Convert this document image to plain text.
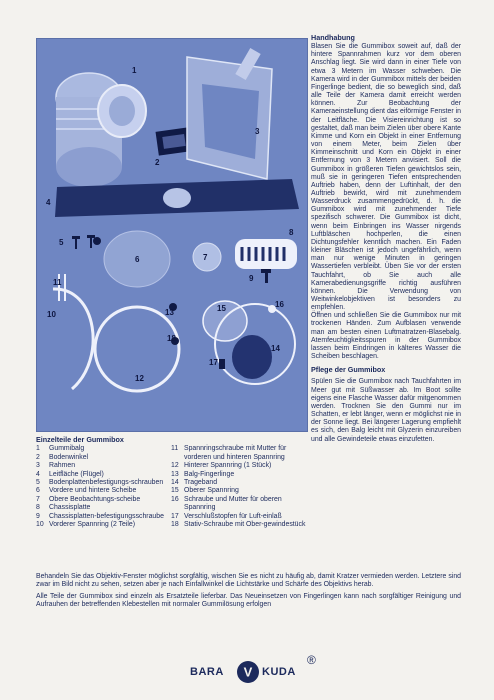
1
2
3
4
5
6	7
8
9
10
11
12
13
14
15	16
17
18
Handhabung

Blasen Sie die Gummibox soweit auf, daß der hintere Spannrahmen kurz vor dem oberen Anschlag liegt. Sie wird dann in einer Tiefe von etwa 3 Metern im Wasser schweben. Die Kamera wird in der Gummibox mittels der beiden Fingerlinge bedient, die so beweglich sind, daß alle Teile der Kamera damit erreicht werden können. Zur Beobachtung der Kameraeinstellung dient das eiförmige Fenster in der Leitfläche. Die Visiereinrichtung ist so gestaltet, daß man beim Zielen über obere Kante Kimme und Korn ein Objekt in einer Entfernung von einem Meter, beim Zielen über Kimmeinschnitt und Korn ein Objekt in einer Entfernung von 3 Metern anvisiert. Soll die Gummibox in größeren Tiefen gewichtslos sein, muß sie in geringeren Tiefen entsprechenden Auftrieb haben, denn der Luftinhalt, der den Auftrieb bewirkt, wird mit zunehmendem Wasserdruck zusammengedrückt, d. h. die Gummibox wird mit zunehmender Tiefe spezifisch schwerer. Die Gummibox ist dicht, wenn beim Einbringen ins Wasser nirgends Luftbläschen hochperlen, die einen Dichtungsfehler kenntlich machen. Ein Faden kleiner Bläschen ist jedoch ungefährlich, wenn man nur wenige Minuten in geringen Wassertiefen verbleibt. Üben Sie vor der ersten Tauchfahrt, ob Sie auch alle Kamerabedienungsgriffe richtig ausführen können. Die Verwendung von Weitwinkelobjektiven ist besonders zu empfehlen.

Öffnen und schließen Sie die Gummibox nur mit trockenen Händen. Zum Aufblasen verwende man am besten einen Luftmatratzen-Blasebalg. Atemfeuchtigkeitsspuren in der Gummibox lassen beim Eindringen in kälteres Wasser die Scheiben beschlagen.

Pflege der Gummibox

Spülen Sie die Gummibox nach Tauchfahrten im Meer gut mit Süßwasser ab. Im Boot sollte eigens eine Flasche Wasser dafür mitgenommen werden. Trocknen Sie den Gummi nur im Schatten, er lebt länger, wenn er möglichst nie in der Sonne liegt. Bei längerer Lagerung empfiehlt es sich, den Balg leicht mit Glyzerin einzureiben und alle Gewindeteile etwas einzufetten.

Einzelteile der Gummibox
1	Gummibalg
2	Bodenwinkel
3	Rahmen
4	Leitfläche (Flügel)
5	Bodenplattenbefestigungs-schrauben
6	Vordere und hintere Scheibe
7	Obere Beobachtungs-scheibe
8	Chassisplatte
9	Chassisplatten-befestigungsschraube
10 Vorderer Spannring (2 Teile)
11 Spannringschraube mit Mutter für vorderen und hinteren Spannring
12 Hinterer Spannring (1 Stück)
13 Balg-Fingerlinge
14 Trageband
15 Oberer Spannring
16 Schraube und Mutter für oberen Spannring
17 Verschlußstopfen für Luft-einlaß
18 Stativ-Schraube mit Ober-gewindestück

Behandeln Sie das Objektiv-Fenster möglichst sorgfältig, wischen Sie es nicht zu häufig ab, damit Kratzer vermieden werden. Letztere sind zwar im Bild nicht zu sehen, setzen aber je nach Einfallwinkel die Lichtstärke und Schärfe des Objektivs herab.

Alle Teile der Gummibox sind einzeln als Ersatzteile lieferbar. Das Neueinsetzen von Fingerlingen kann nach sorgfältiger Reinigung und Aufrauhen der betreffenden Klebestellen mit normaler Gummilösung erfolgen

BARA V KUDA
®
